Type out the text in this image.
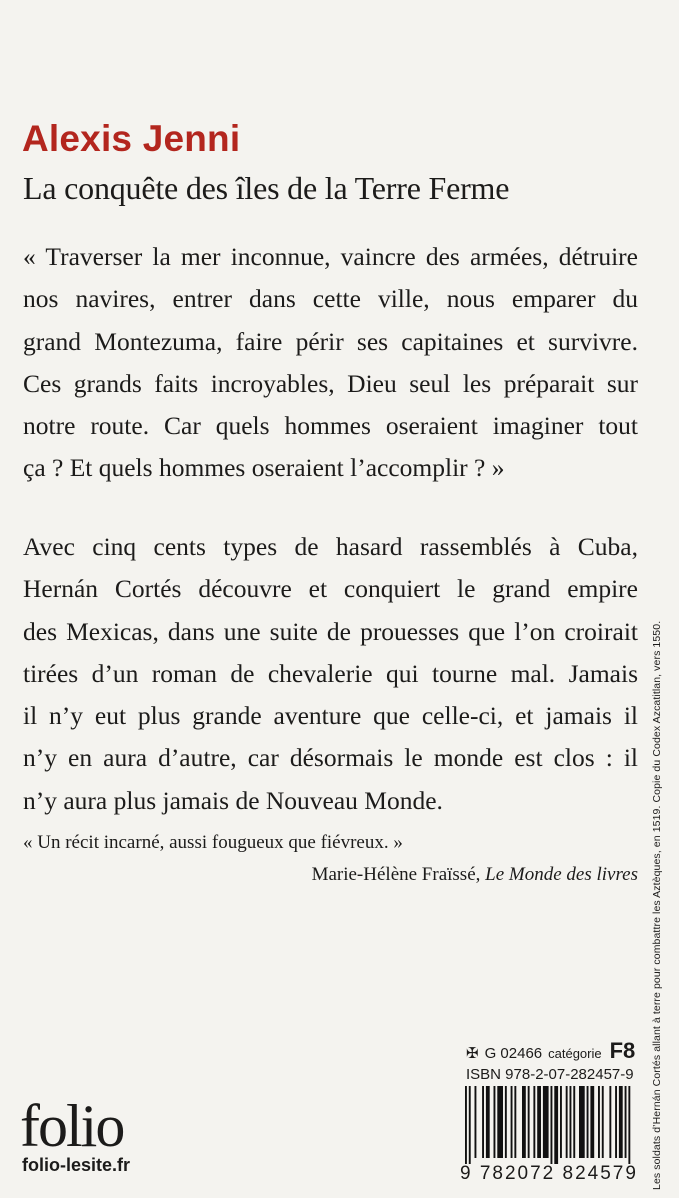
Alexis Jenni
La conquête des îles de la Terre Ferme
« Traverser la mer inconnue, vaincre des armées, détruire
nos navires, entrer dans cette ville, nous emparer du
grand Montezuma, faire périr ses capitaines et survivre.
Ces grands faits incroyables, Dieu seul les préparait sur
notre route. Car quels hommes oseraient imaginer tout
ça ? Et quels hommes oseraient l’accomplir ? »
Avec cinq cents types de hasard rassemblés à Cuba,
Hernán Cortés découvre et conquiert le grand empire
des Mexicas, dans une suite de prouesses que l’on croirait
tirées d’un roman de chevalerie qui tourne mal. Jamais
il n’y eut plus grande aventure que celle-ci, et jamais il
n’y en aura d’autre, car désormais le monde est clos : il
n’y aura plus jamais de Nouveau Monde.
« Un récit incarné, aussi fougueux que fiévreux. »
Marie-Hélène Fraïssé, Le Monde des livres Les soldats d’Hernán Cortés allant à terre pour combattre les Aztèques, en 1519. Copie du Codex Azcatitlan, vers 1550.
folio
folio-lesite.fr
✠ G 02466 catégorie F8
ISBN 978-2-07-282457-9
9 782072 824579
